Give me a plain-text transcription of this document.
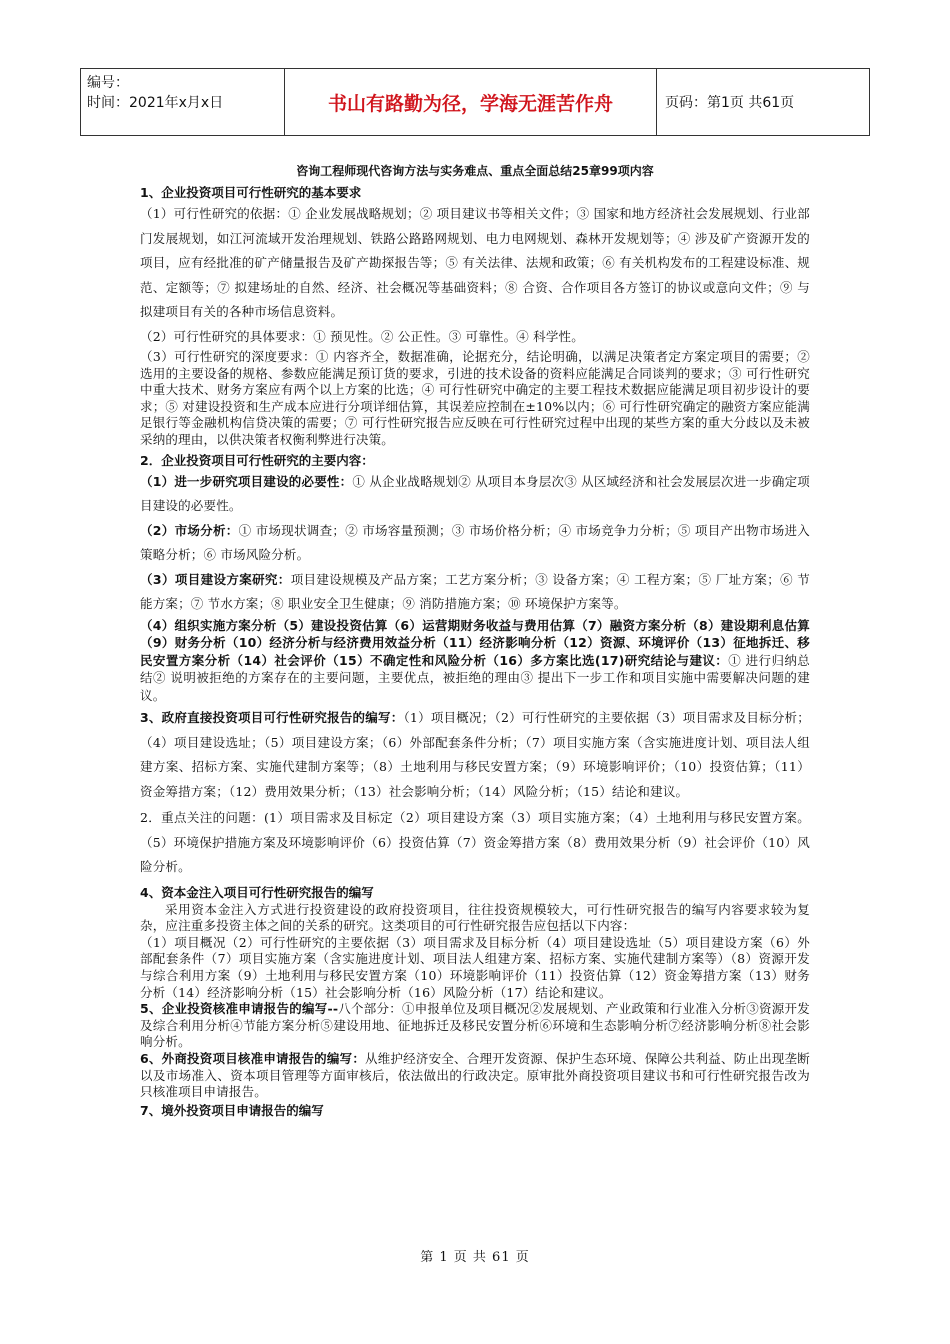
编号：
时间：2021年x月x日	书山有路勤为径，学海无涯苦作舟	页码：第1页 共61页
咨询工程师现代咨询方法与实务难点、重点全面总结25章99项内容
1、企业投资项目可行性研究的基本要求

（1）可行性研究的依据：① 企业发展战略规划；② 项目建议书等相关文件；③ 国家和地方经济社会发展规划、行业部门发展规划，如江河流域开发治理规划、铁路公路路网规划、电力电网规划、森林开发规划等；④ 涉及矿产资源开发的项目，应有经批准的矿产储量报告及矿产勘探报告等；⑤ 有关法律、法规和政策；⑥ 有关机构发布的工程建设标准、规范、定额等；⑦ 拟建场址的自然、经济、社会概况等基础资料；⑧ 合资、合作项目各方签订的协议或意向文件；⑨ 与拟建项目有关的各种市场信息资料。

（2）可行性研究的具体要求：① 预见性。② 公正性。③ 可靠性。④ 科学性。

（3）可行性研究的深度要求：① 内容齐全，数据准确，论据充分，结论明确，以满足决策者定方案定项目的需要；② 选用的主要设备的规格、参数应能满足预订货的要求，引进的技术设备的资料应能满足合同谈判的要求；③ 可行性研究中重大技术、财务方案应有两个以上方案的比选；④ 可行性研究中确定的主要工程技术数据应能满足项目初步设计的要求；⑤ 对建设投资和生产成本应进行分项详细估算，其误差应控制在±10%以内；⑥ 可行性研究确定的融资方案应能满足银行等金融机构信贷决策的需要；⑦ 可行性研究报告应反映在可行性研究过程中出现的某些方案的重大分歧以及未被采纳的理由，以供决策者权衡利弊进行决策。

2．企业投资项目可行性研究的主要内容：

（1）进一步研究项目建设的必要性：① 从企业战略规划② 从项目本身层次③ 从区域经济和社会发展层次进一步确定项目建设的必要性。

（2）市场分析：① 市场现状调查；② 市场容量预测；③ 市场价格分析；④ 市场竞争力分析；⑤ 项目产出物市场进入策略分析；⑥ 市场风险分析。

（3）项目建设方案研究：项目建设规模及产品方案；工艺方案分析；③ 设备方案；④ 工程方案；⑤ 厂址方案；⑥ 节能方案；⑦ 节水方案；⑧ 职业安全卫生健康；⑨ 消防措施方案；⑩ 环境保护方案等。

（4）组织实施方案分析（5）建设投资估算（6）运营期财务收益与费用估算（7）融资方案分析（8）建设期利息估算（9）财务分析（10）经济分析与经济费用效益分析（11）经济影响分析（12）资源、环境评价（13）征地拆迁、移民安置方案分析（14）社会评价（15）不确定性和风险分析（16）多方案比选(17)研究结论与建议：① 进行归纳总结② 说明被拒绝的方案存在的主要问题，主要优点，被拒绝的理由③ 提出下一步工作和项目实施中需要解决问题的建议。

3、政府直接投资项目可行性研究报告的编写：（1）项目概况；（2）可行性研究的主要依据（3）项目需求及目标分析；（4）项目建设选址；（5）项目建设方案；（6）外部配套条件分析；（7）项目实施方案（含实施进度计划、项目法人组建方案、招标方案、实施代建制方案等；（8）土地利用与移民安置方案；（9）环境影响评价；（10）投资估算；（11）资金筹措方案；（12）费用效果分析；（13）社会影响分析；（14）风险分析；（15）结论和建议。

2．重点关注的问题：(1）项目需求及目标定（2）项目建设方案（3）项目实施方案；（4）土地利用与移民安置方案。（5）环境保护措施方案及环境影响评价（6）投资估算（7）资金筹措方案（8）费用效果分析（9）社会评价（10）风险分析。

4、资本金注入项目可行性研究报告的编写

采用资本金注入方式进行投资建设的政府投资项目，往往投资规模较大，可行性研究报告的编写内容要求较为复杂，应注重多投资主体之间的关系的研究。这类项目的可行性研究报告应包括以下内容：

（1）项目概况（2）可行性研究的主要依据（3）项目需求及目标分析（4）项目建设选址（5）项目建设方案（6）外部配套条件（7）项目实施方案（含实施进度计划、项目法人组建方案、招标方案、实施代建制方案等）（8）资源开发与综合利用方案（9）土地利用与移民安置方案（10）环境影响评价（11）投资估算（12）资金筹措方案（13）财务分析（14）经济影响分析（15）社会影响分析（16）风险分析（17）结论和建议。

5、企业投资核准申请报告的编写--八个部分：①申报单位及项目概况②发展规划、产业政策和行业准入分析③资源开发及综合利用分析④节能方案分析⑤建设用地、征地拆迁及移民安置分析⑥环境和生态影响分析⑦经济影响分析⑧社会影响分析。

6、外商投资项目核准申请报告的编写：从维护经济安全、合理开发资源、保护生态环境、保障公共利益、防止出现垄断以及市场准入、资本项目管理等方面审核后，依法做出的行政决定。原审批外商投资项目建议书和可行性研究报告改为只核准项目申请报告。

7、境外投资项目申请报告的编写
第 1 页 共 61 页
